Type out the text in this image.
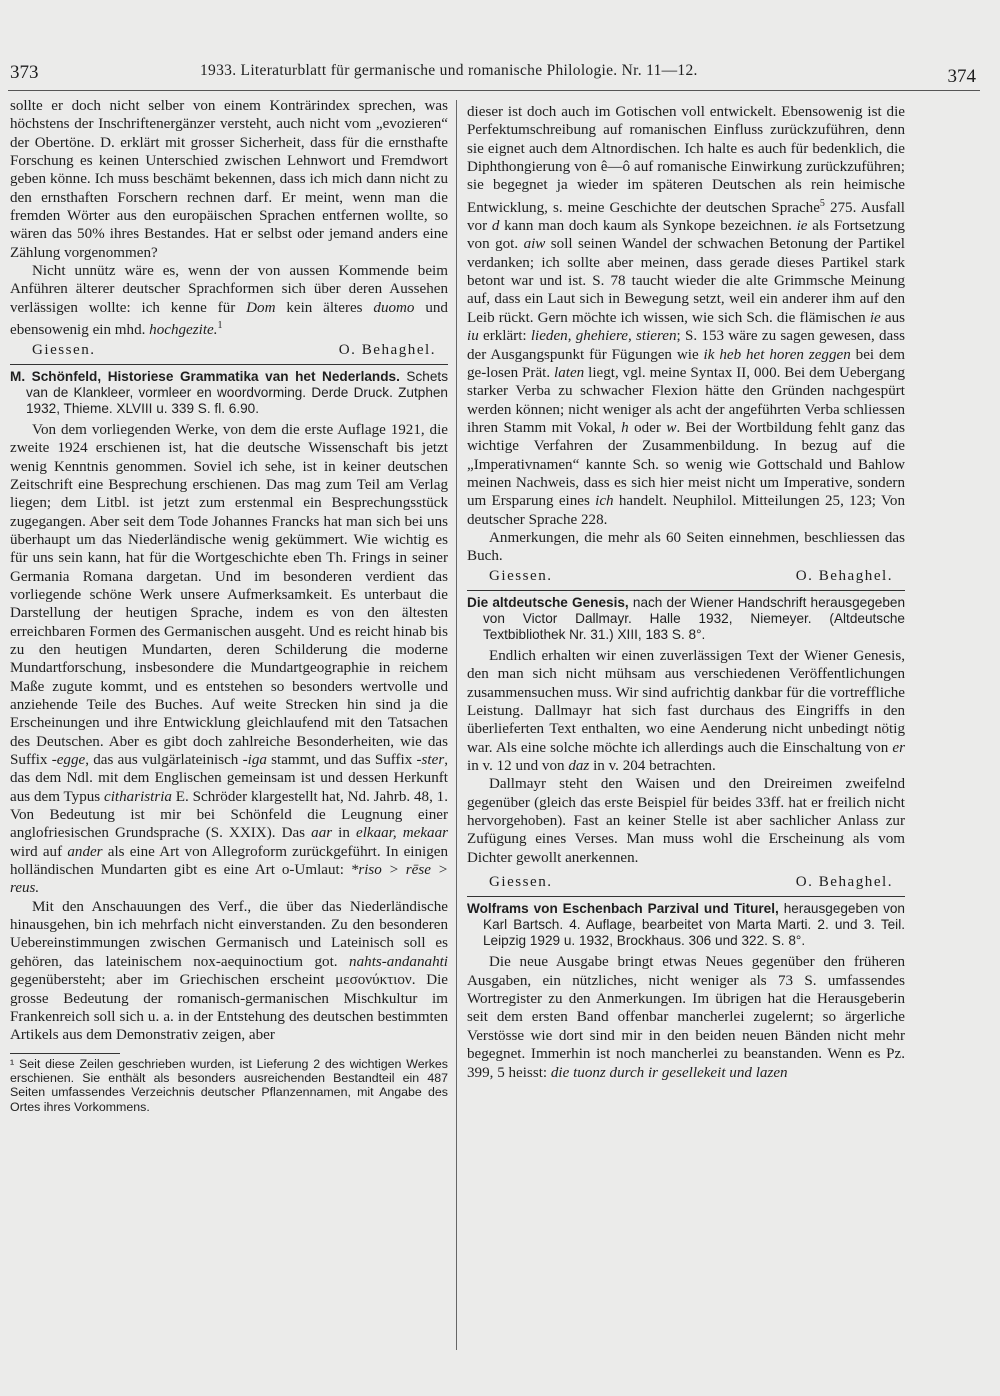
373	1933. Literaturblatt für germanische und romanische Philologie. Nr. 11—12.	374

sollte er doch nicht selber von einem Konträrindex sprechen, was höchstens der Inschriftenergänzer versteht, auch nicht vom „evozieren“ der Obertöne. D. erklärt mit grosser Sicherheit, dass für die ernsthafte Forschung es keinen Unterschied zwischen Lehnwort und Fremdwort geben könne. Ich muss beschämt bekennen, dass ich mich dann nicht zu den ernsthaften Forschern rechnen darf. Er meint, wenn man die fremden Wörter aus den europäischen Sprachen entfernen wollte, so wären das 50% ihres Bestandes. Hat er selbst oder jemand anders eine Zählung vorgenommen?

Nicht unnütz wäre es, wenn der von aussen Kommende beim Anführen älterer deutscher Sprachformen sich über deren Aussehen verlässigen wollte: ich kenne für Dom kein älteres duomo und ebensowenig ein mhd. hochgezite.$^1$

Giessen.	O. Behaghel.
M. Schönfeld, Historiese Grammatika van het Nederlands. Schets van de Klankleer, vormleer en woordvorming. Derde Druck. Zutphen 1932, Thieme. XLVIII u. 339 S. fl. 6.90.

Von dem vorliegenden Werke, von dem die erste Auflage 1921, die zweite 1924 erschienen ist, hat die deutsche Wissenschaft bis jetzt wenig Kenntnis genommen. Soviel ich sehe, ist in keiner deutschen Zeitschrift eine Besprechung erschienen. Das mag zum Teil am Verlag liegen; dem Litbl. ist jetzt zum erstenmal ein Besprechungsstück zugegangen. Aber seit dem Tode Johannes Francks hat man sich bei uns überhaupt um das Niederländische wenig gekümmert. Wie wichtig es für uns sein kann, hat für die Wortgeschichte eben Th. Frings in seiner Germania Romana dargetan. Und im besonderen verdient das vorliegende schöne Werk unsere Aufmerksamkeit. Es unterbaut die Darstellung der heutigen Sprache, indem es von den ältesten erreichbaren Formen des Germanischen ausgeht. Und es reicht hinab bis zu den heutigen Mundarten, deren Schilderung die moderne Mundartforschung, insbesondere die Mundartgeographie in reichem Maße zugute kommt, und es entstehen so besonders wertvolle und anziehende Teile des Buches. Auf weite Strecken hin sind ja die Erscheinungen und ihre Entwicklung gleichlaufend mit den Tatsachen des Deutschen. Aber es gibt doch zahlreiche Besonderheiten, wie das Suffix -egge, das aus vulgärlateinisch -iga stammt, und das Suffix -ster, das dem Ndl. mit dem Englischen gemeinsam ist und dessen Herkunft aus dem Typus citharistria E. Schröder klargestellt hat, Nd. Jahrb. 48, 1. Von Bedeutung ist mir bei Schönfeld die Leugnung einer anglofriesischen Grundsprache (S. XXIX). Das aar in elkaar, mekaar wird auf ander als eine Art von Allegroform zurückgeführt. In einigen holländischen Mundarten gibt es eine Art o-Umlaut: *riso > rēse > reus.

Mit den Anschauungen des Verf., die über das Niederländische hinausgehen, bin ich mehrfach nicht einverstanden. Zu den besonderen Uebereinstimmungen zwischen Germanisch und Lateinisch soll es gehören, das lateinischem nox-aequinoctium got. nahts-andanahti gegenübersteht; aber im Griechischen erscheint μεσονύκτιον. Die grosse Bedeutung der romanisch-germanischen Mischkultur im Frankenreich soll sich u. a. in der Entstehung des deutschen bestimmten Artikels aus dem Demonstrativ zeigen, aber

¹ Seit diese Zeilen geschrieben wurden, ist Lieferung 2 des wichtigen Werkes erschienen. Sie enthält als besonders ausreichenden Bestandteil ein 487 Seiten umfassendes Verzeichnis deutscher Pflanzennamen, mit Angabe des Ortes ihres Vorkommens.

dieser ist doch auch im Gotischen voll entwickelt. Ebensowenig ist die Perfektumschreibung auf romanischen Einfluss zurückzuführen, denn sie eignet auch dem Altnordischen. Ich halte es auch für bedenklich, die Diphthongierung von ê—ô auf romanische Einwirkung zurückzuführen; sie begegnet ja wieder im späteren Deutschen als rein heimische Entwicklung, s. meine Geschichte der deutschen Sprache$^5$ 275. Ausfall vor d kann man doch kaum als Synkope bezeichnen. ie als Fortsetzung von got. aiw soll seinen Wandel der schwachen Betonung der Partikel verdanken; ich sollte aber meinen, dass gerade dieses Partikel stark betont war und ist. S. 78 taucht wieder die alte Grimmsche Meinung auf, dass ein Laut sich in Bewegung setzt, weil ein anderer ihm auf den Leib rückt. Gern möchte ich wissen, wie sich Sch. die flämischen ie aus iu erklärt: lieden, ghehiere, stieren; S. 153 wäre zu sagen gewesen, dass der Ausgangspunkt für Fügungen wie ik heb het horen zeggen bei dem ge-losen Prät. laten liegt, vgl. meine Syntax II, 000. Bei dem Uebergang starker Verba zu schwacher Flexion hätte den Gründen nachgespürt werden können; nicht weniger als acht der angeführten Verba schliessen ihren Stamm mit Vokal, h oder w. Bei der Wortbildung fehlt ganz das wichtige Verfahren der Zusammenbildung. In bezug auf die „Imperativnamen“ kannte Sch. so wenig wie Gottschald und Bahlow meinen Nachweis, dass es sich hier meist nicht um Imperative, sondern um Ersparung eines ich handelt. Neuphilol. Mitteilungen 25, 123; Von deutscher Sprache 228.

Anmerkungen, die mehr als 60 Seiten einnehmen, beschliessen das Buch.

Giessen.	O. Behaghel.
Die altdeutsche Genesis, nach der Wiener Handschrift herausgegeben von Victor Dallmayr. Halle 1932, Niemeyer. (Altdeutsche Textbibliothek Nr. 31.) XIII, 183 S. 8°.

Endlich erhalten wir einen zuverlässigen Text der Wiener Genesis, den man sich nicht mühsam aus verschiedenen Veröffentlichungen zusammensuchen muss. Wir sind aufrichtig dankbar für die vortreffliche Leistung. Dallmayr hat sich fast durchaus des Eingriffs in den überlieferten Text enthalten, wo eine Aenderung nicht unbedingt nötig war. Als eine solche möchte ich allerdings auch die Einschaltung von er in v. 12 und von daz in v. 204 betrachten.

Dallmayr steht den Waisen und den Dreireimen zweifelnd gegenüber (gleich das erste Beispiel für beides 33ff. hat er freilich nicht hervorgehoben). Fast an keiner Stelle ist aber sachlicher Anlass zur Zufügung eines Verses. Man muss wohl die Erscheinung als vom Dichter gewollt anerkennen.

Giessen.	O. Behaghel.
Wolframs von Eschenbach Parzival und Titurel, herausgegeben von Karl Bartsch. 4. Auflage, bearbeitet von Marta Marti. 2. und 3. Teil. Leipzig 1929 u. 1932, Brockhaus. 306 und 322. S. 8°.

Die neue Ausgabe bringt etwas Neues gegenüber den früheren Ausgaben, ein nützliches, nicht weniger als 73 S. umfassendes Wortregister zu den Anmerkungen. Im übrigen hat die Herausgeberin seit dem ersten Band offenbar mancherlei zugelernt; so ärgerliche Verstösse wie dort sind mir in den beiden neuen Bänden nicht mehr begegnet. Immerhin ist noch mancherlei zu beanstanden. Wenn es Pz. 399, 5 heisst: die tuonz durch ir gesellekeit und lazen
